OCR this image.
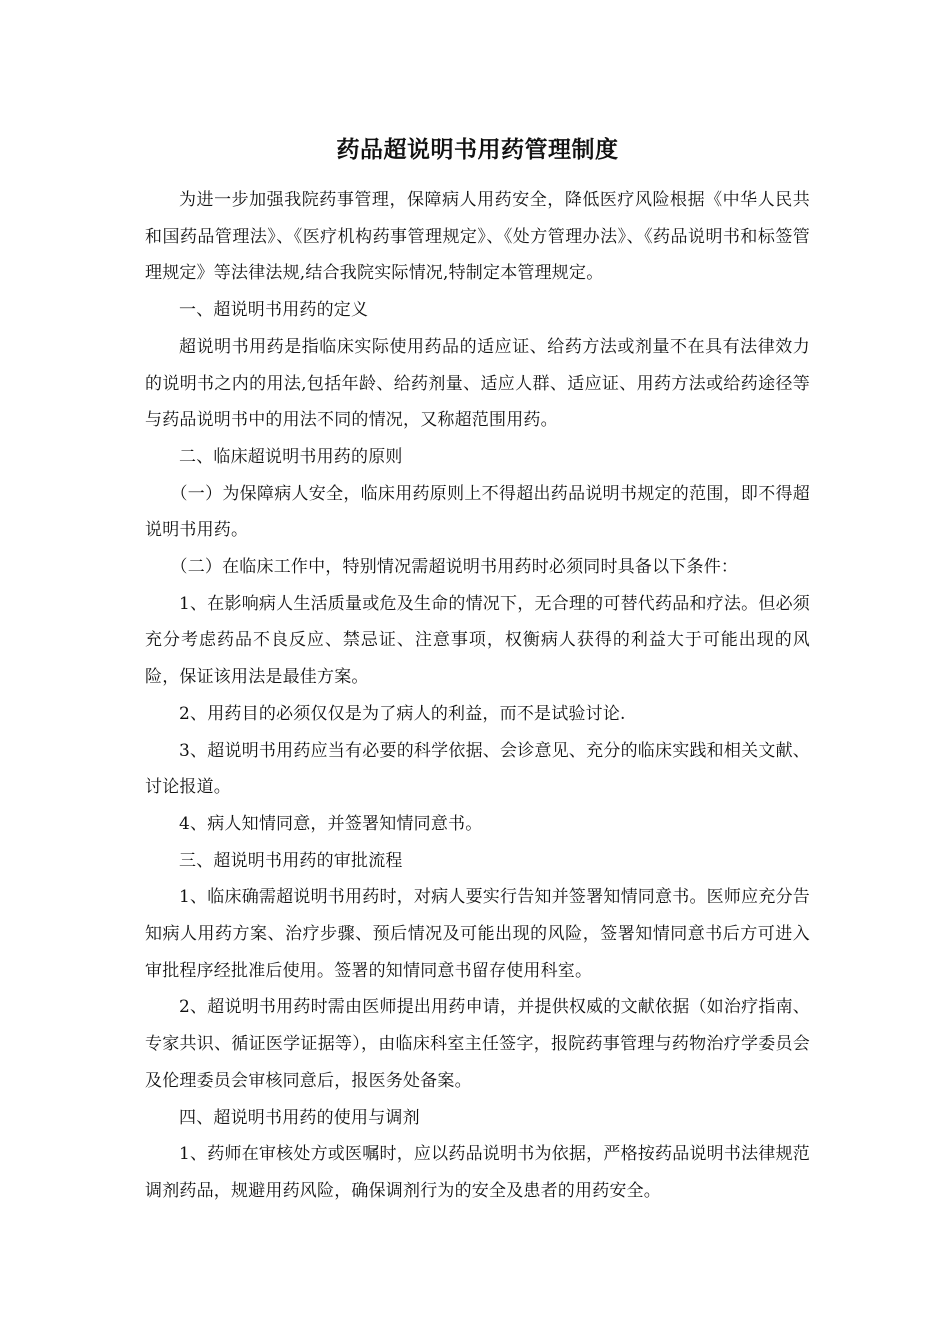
药品超说明书用药管理制度

为进一步加强我院药事管理，保障病人用药安全，降低医疗风险根据《中华人民共和国药品管理法》、《医疗机构药事管理规定》、《处方管理办法》、《药品说明书和标签管理规定》等法律法规,结合我院实际情况,特制定本管理规定。

一、超说明书用药的定义

超说明书用药是指临床实际使用药品的适应证、给药方法或剂量不在具有法律效力的说明书之内的用法,包括年龄、给药剂量、适应人群、适应证、用药方法或给药途径等与药品说明书中的用法不同的情况，又称超范围用药。

二、临床超说明书用药的原则

（一）为保障病人安全，临床用药原则上不得超出药品说明书规定的范围，即不得超说明书用药。

（二）在临床工作中，特别情况需超说明书用药时必须同时具备以下条件：

1、在影响病人生活质量或危及生命的情况下，无合理的可替代药品和疗法。但必须充分考虑药品不良反应、禁忌证、注意事项，权衡病人获得的利益大于可能出现的风险，保证该用法是最佳方案。

2、用药目的必须仅仅是为了病人的利益，而不是试验讨论.

3、超说明书用药应当有必要的科学依据、会诊意见、充分的临床实践和相关文献、讨论报道。

4、病人知情同意，并签署知情同意书。

三、超说明书用药的审批流程

1、临床确需超说明书用药时，对病人要实行告知并签署知情同意书。医师应充分告知病人用药方案、治疗步骤、预后情况及可能出现的风险，签署知情同意书后方可进入审批程序经批准后使用。签署的知情同意书留存使用科室。

2、超说明书用药时需由医师提出用药申请，并提供权威的文献依据（如治疗指南、专家共识、循证医学证据等），由临床科室主任签字，报院药事管理与药物治疗学委员会及伦理委员会审核同意后，报医务处备案。

四、超说明书用药的使用与调剂

1、药师在审核处方或医嘱时，应以药品说明书为依据，严格按药品说明书法律规范调剂药品，规避用药风险，确保调剂行为的安全及患者的用药安全。
